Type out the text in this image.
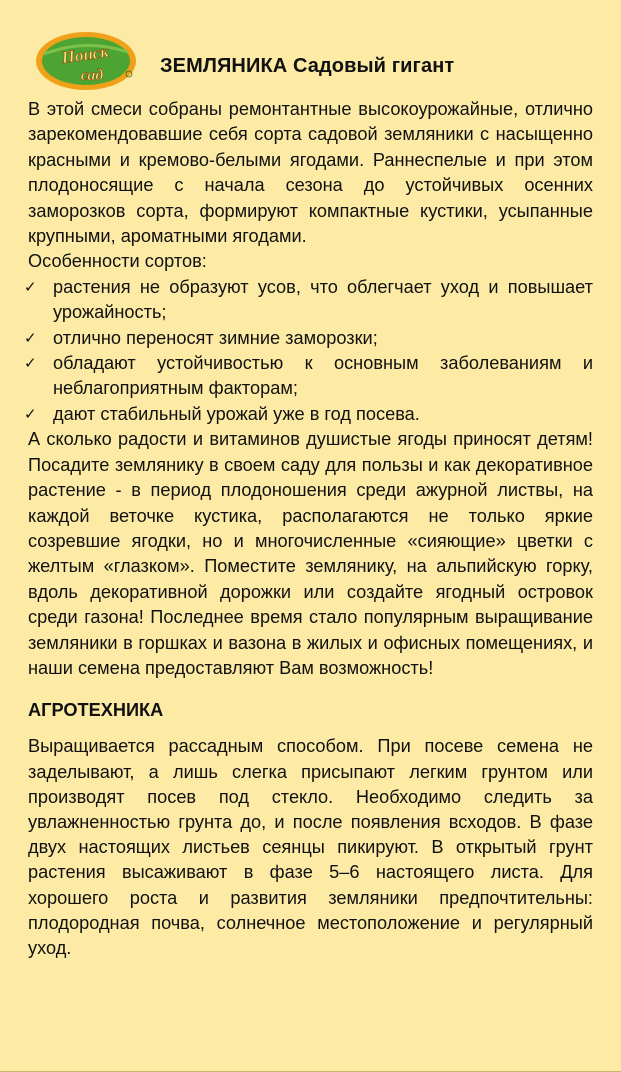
Поиск
сад	ЗЕМЛЯНИКА Садовый гигант

В этой смеси собраны ремонтантные высокоурожайные, отлично зарекомендовавшие себя сорта садовой земляники с насыщенно красными и кремово-белыми ягодами. Раннеспелые и при этом плодоносящие с начала сезона до устойчивых осенних заморозков сорта, формируют компактные кустики, усыпанные крупными, ароматными ягодами.

Особенности сортов:

✓ растения не образуют усов, что облегчает уход и повышает урожайность;
✓ отлично переносят зимние заморозки;
✓ обладают устойчивостью к основным заболеваниям и неблагоприятным факторам;
✓ дают стабильный урожай уже в год посева.

А сколько радости и витаминов душистые ягоды приносят детям! Посадите землянику в своем саду для пользы и как декоративное растение - в период плодоношения среди ажурной листвы, на каждой веточке кустика, располагаются не только яркие созревшие ягодки, но и многочисленные «сияющие» цветки с желтым «глазком». Поместите землянику, на альпийскую горку, вдоль декоративной дорожки или создайте ягодный островок среди газона! Последнее время стало популярным выращивание земляники в горшках и вазона в жилых и офисных помещениях, и наши семена предоставляют Вам возможность!

АГРОТЕХНИКА

Выращивается рассадным способом. При посеве семена не заделывают, а лишь слегка присыпают легким грунтом или производят посев под стекло. Необходимо следить за увлажненностью грунта до, и после появления всходов. В фазе двух настоящих листьев сеянцы пикируют. В открытый грунт растения высаживают в фазе 5–6 настоящего листа. Для хорошего роста и развития земляники предпочтительны: плодородная почва, солнечное местоположение и регулярный уход.
